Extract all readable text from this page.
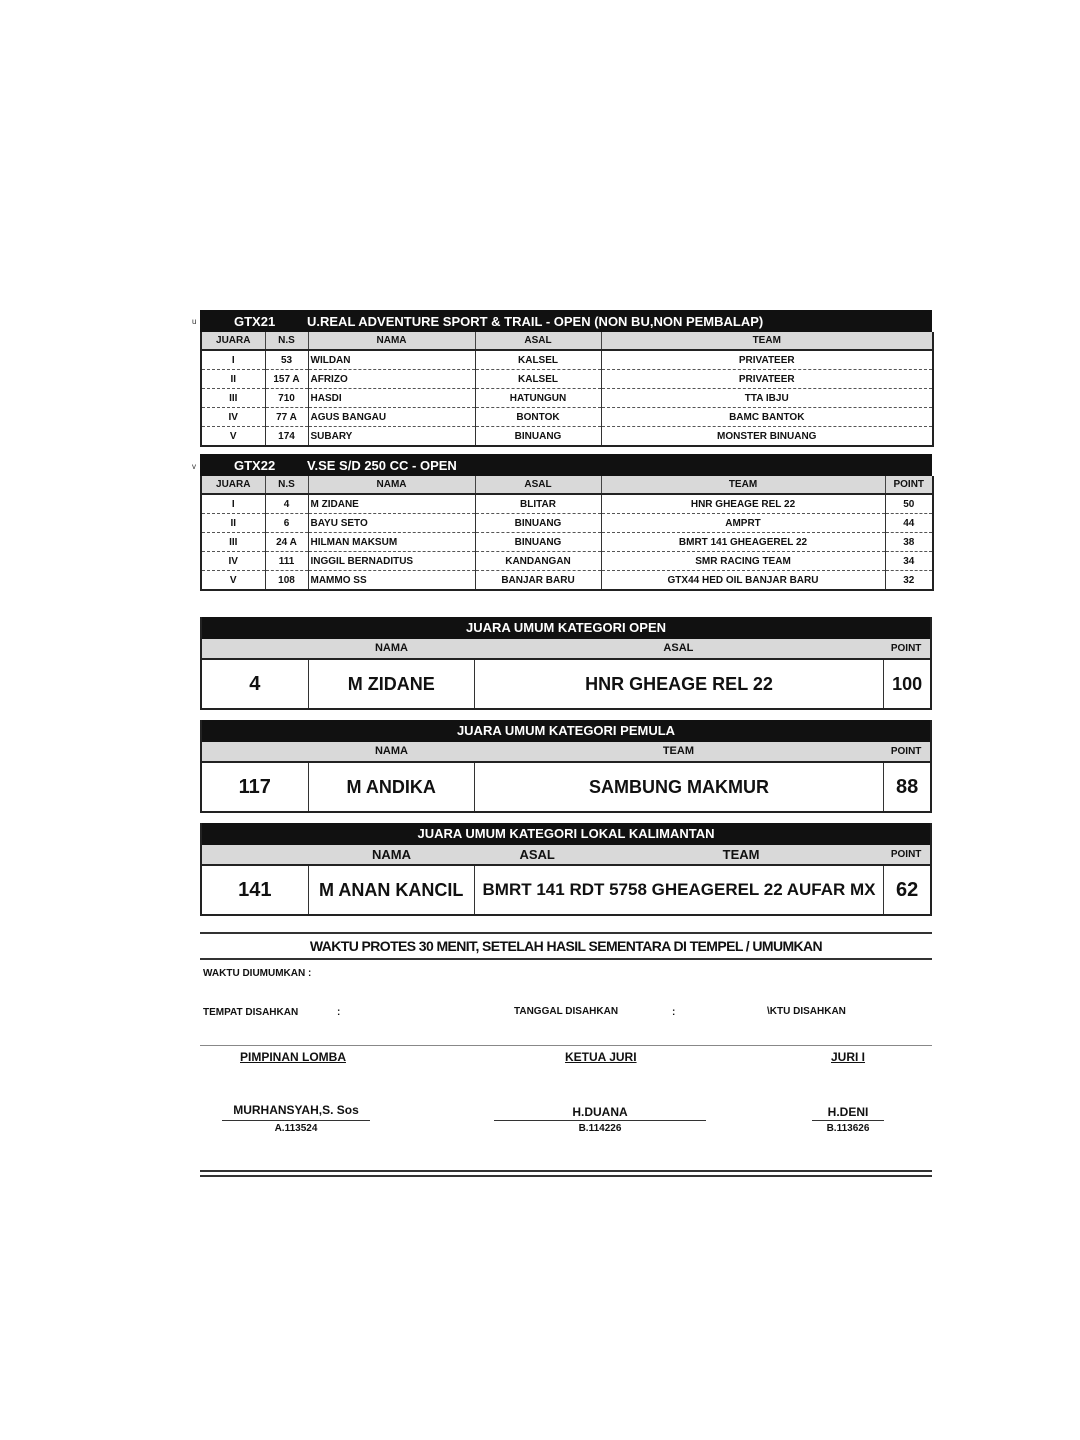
u
v
GTX21	U.REAL ADVENTURE SPORT & TRAIL - OPEN (NON BU,NON PEMBALAP)
JUARA	N.S	NAMA	ASAL	TEAM
I	53	WILDAN	KALSEL	PRIVATEER
II	157 A	AFRIZO	KALSEL	PRIVATEER
III	710	HASDI	HATUNGUN	TTA IBJU
IV	77 A	AGUS BANGAU	BONTOK	BAMC BANTOK
V	174	SUBARY	BINUANG	MONSTER BINUANG
GTX22	V.SE S/D 250 CC - OPEN
JUARA	N.S	NAMA	ASAL	TEAM	POINT
I	4	M ZIDANE	BLITAR	HNR GHEAGE REL 22	50
II	6	BAYU SETO	BINUANG	AMPRT	44
III	24 A	HILMAN MAKSUM	BINUANG	BMRT 141 GHEAGEREL 22	38
IV	111	INGGIL BERNADITUS	KANDANGAN	SMR RACING TEAM	34
V	108	MAMMO SS	BANJAR BARU	GTX44 HED OIL BANJAR BARU	32
JUARA UMUM KATEGORI OPEN
NAMA	ASAL	POINT
4	M ZIDANE	HNR GHEAGE REL 22	100
JUARA UMUM KATEGORI PEMULA
NAMA	TEAM	POINT
117	M ANDIKA	SAMBUNG MAKMUR	88
JUARA UMUM KATEGORI LOKAL KALIMANTAN
NAMA	ASAL	TEAM	POINT
141	M ANAN KANCIL	BMRT 141 RDT 5758 GHEAGEREL 22 AUFAR MX	62
WAKTU PROTES 30 MENIT, SETELAH HASIL SEMENTARA DI TEMPEL / UMUMKAN
WAKTU DIUMUMKAN :
TEMPAT DISAHKAN	:	TANGGAL DISAHKAN	:	\KTU DISAHKAN
PIMPINAN LOMBA	KETUA JURI	JURI I
MURHANSYAH,S. Sos
A.113524
H.DUANA
B.114226
H.DENI
B.113626
